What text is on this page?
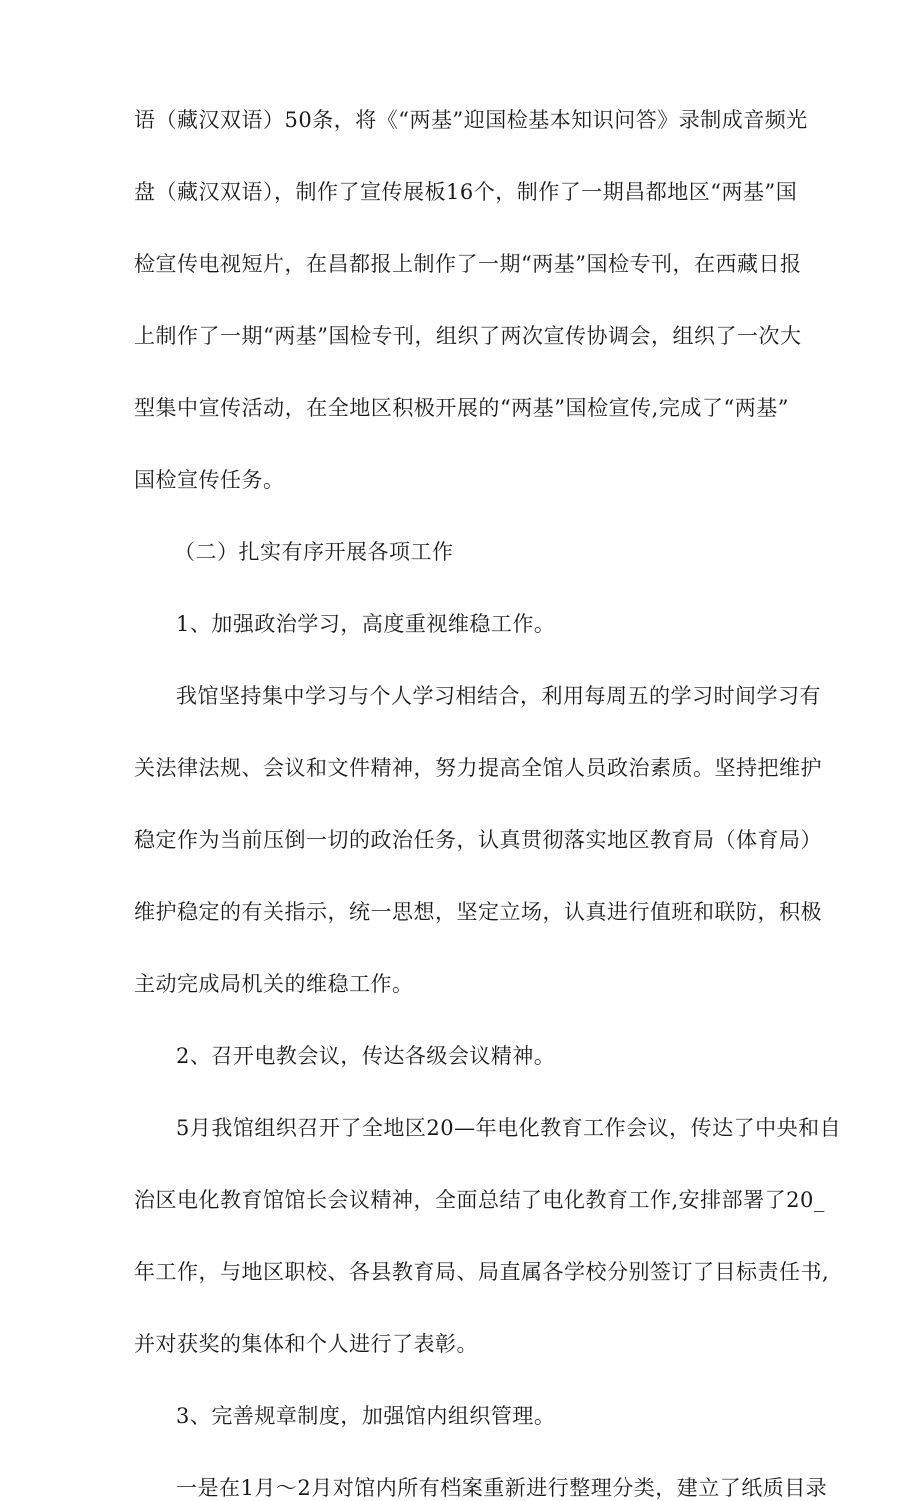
语（藏汉双语）50条，将《“两基”迎国检基本知识问答》录制成音频光
盘（藏汉双语），制作了宣传展板16个，制作了一期昌都地区“两基”国
检宣传电视短片，在昌都报上制作了一期“两基”国检专刊，在西藏日报
上制作了一期“两基”国检专刊，组织了两次宣传协调会，组织了一次大
型集中宣传活动，在全地区积极开展的“两基”国检宣传,完成了“两基”
国检宣传任务。
（二）扎实有序开展各项工作
1、加强政治学习，高度重视维稳工作。
我馆坚持集中学习与个人学习相结合，利用每周五的学习时间学习有
关法律法规、会议和文件精神，努力提高全馆人员政治素质。坚持把维护
稳定作为当前压倒一切的政治任务，认真贯彻落实地区教育局（体育局）
维护稳定的有关指示，统一思想，坚定立场，认真进行值班和联防，积极
主动完成局机关的维稳工作。
2、召开电教会议，传达各级会议精神。
5月我馆组织召开了全地区20—年电化教育工作会议，传达了中央和自
治区电化教育馆馆长会议精神，全面总结了电化教育工作,安排部署了20_
年工作，与地区职校、各县教育局、局直属各学校分别签订了目标责任书,
并对获奖的集体和个人进行了表彰。
3、完善规章制度，加强馆内组织管理。
一是在1月～2月对馆内所有档案重新进行整理分类，建立了纸质目录
